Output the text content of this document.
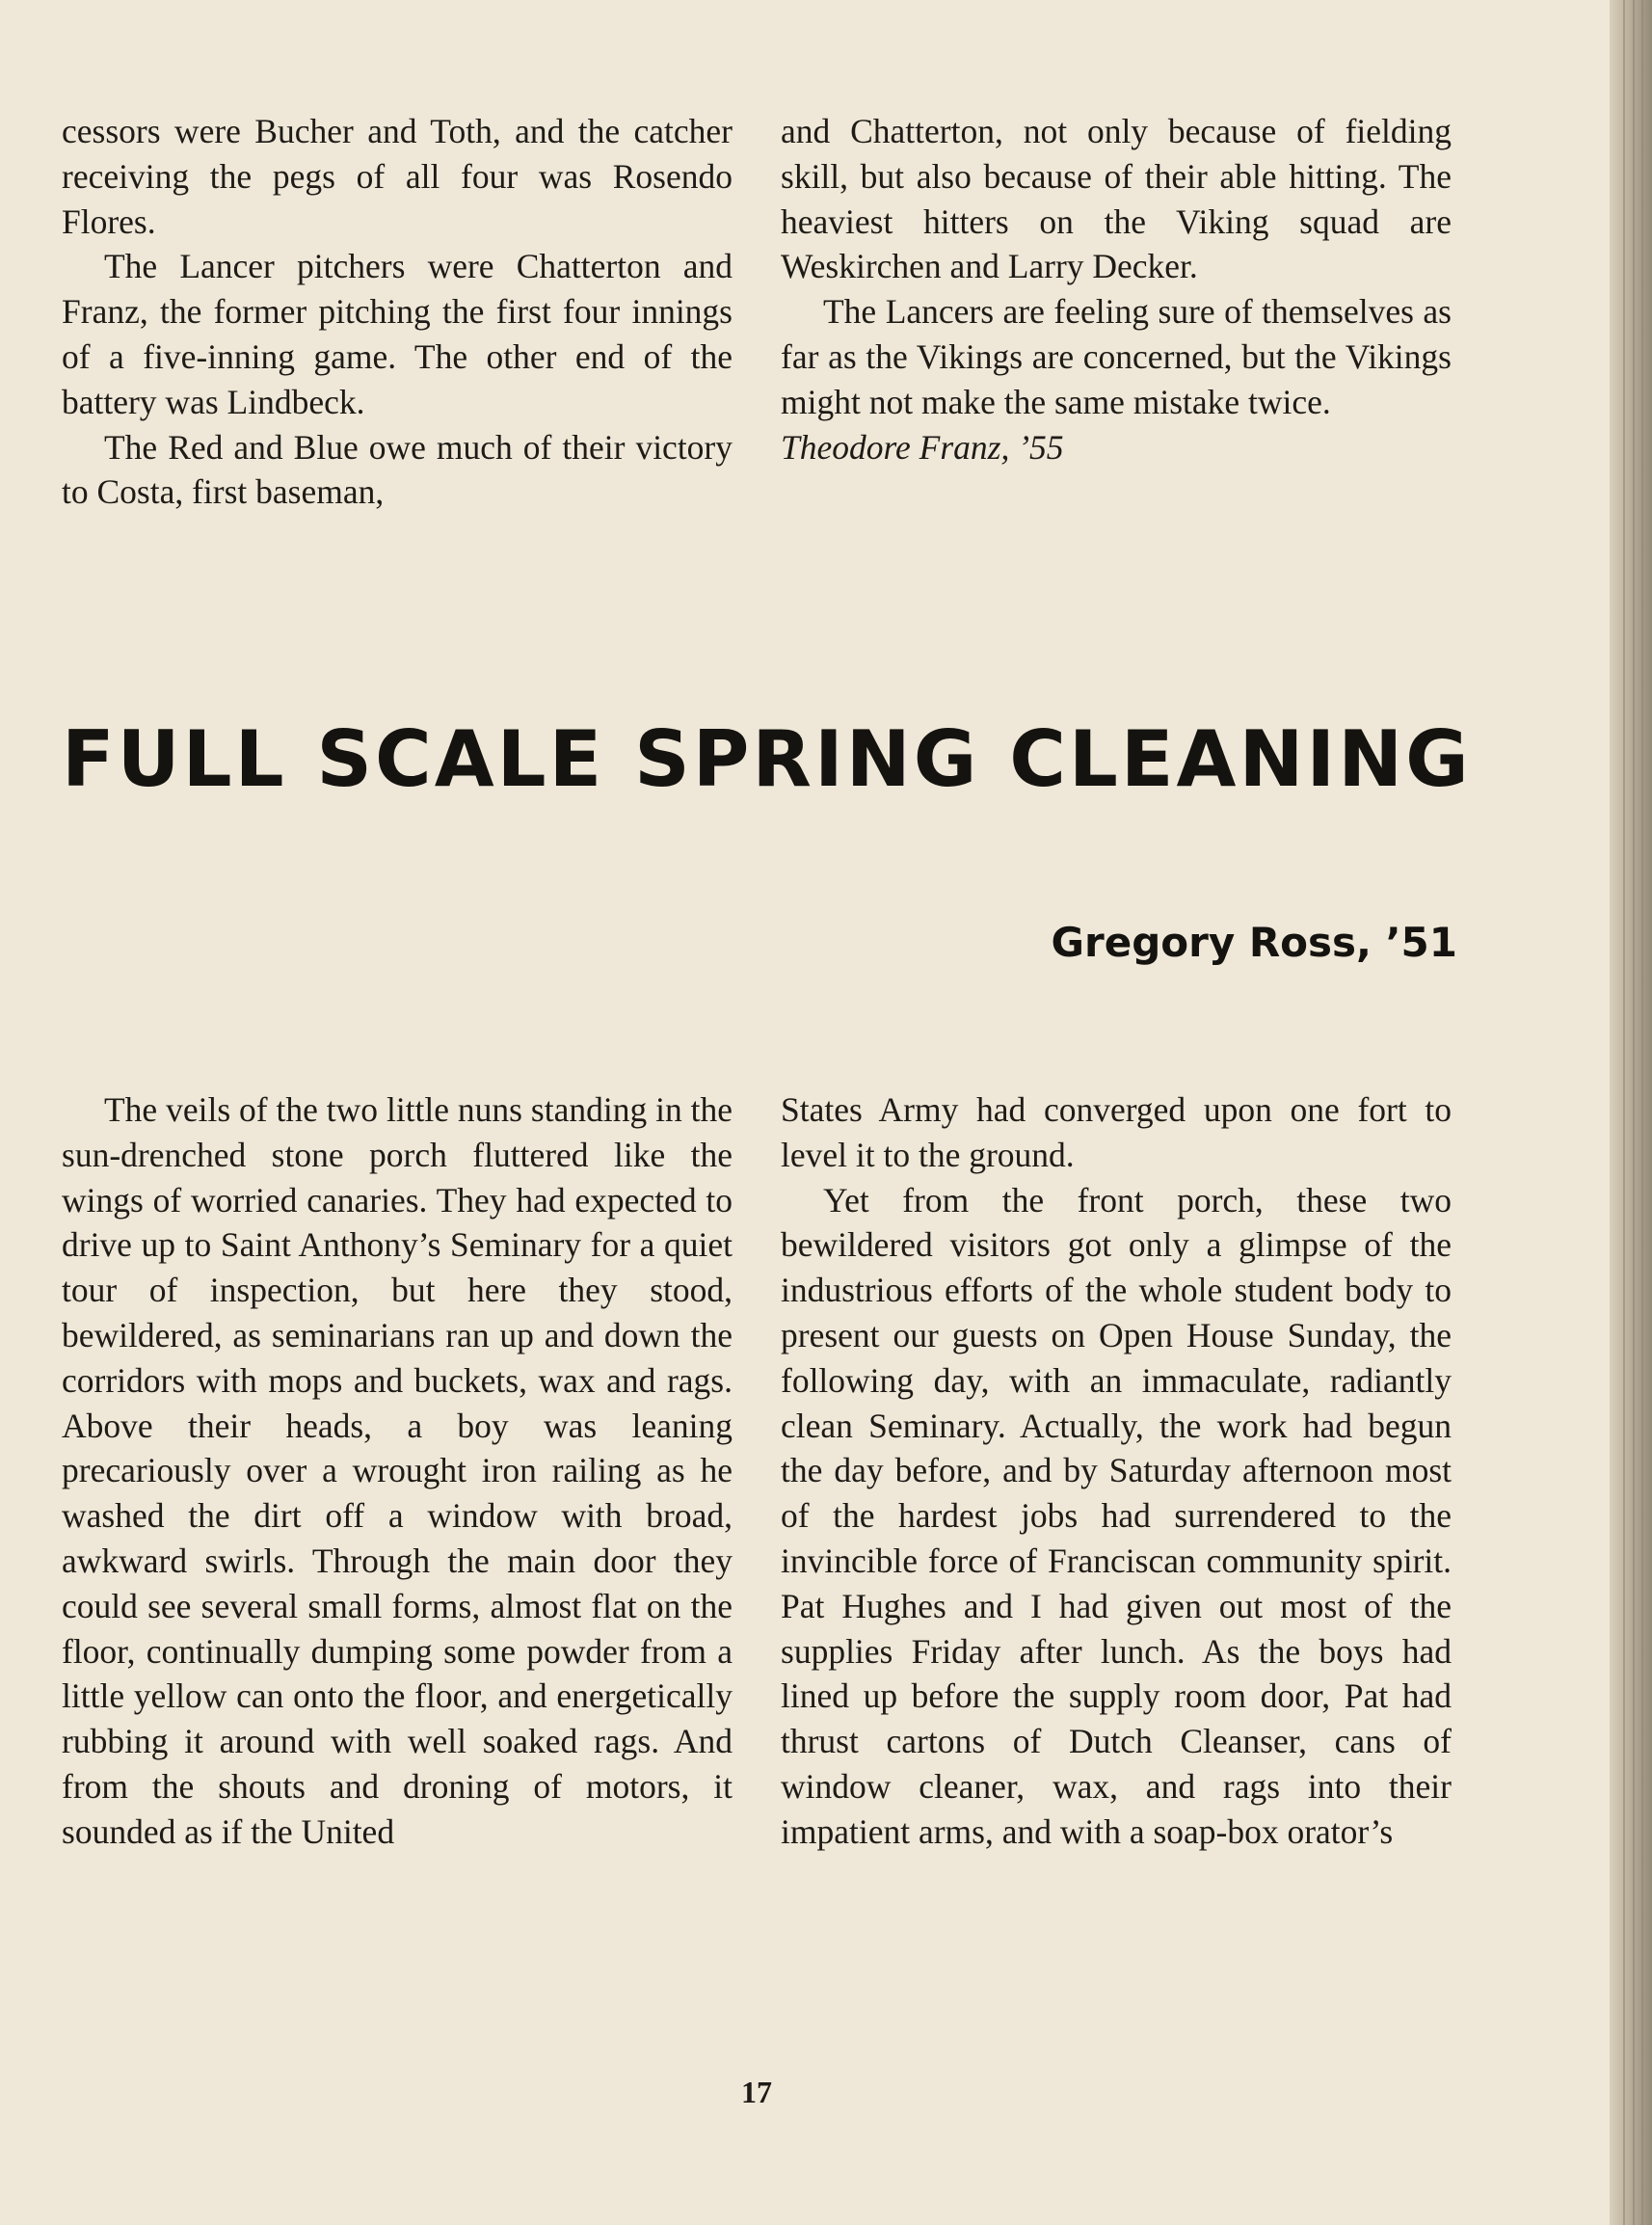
cessors were Bucher and Toth, and the catcher receiving the pegs of all four was Rosendo Flores.

The Lancer pitchers were Chatterton and Franz, the former pitching the first four innings of a five-inning game. The other end of the battery was Lindbeck.

The Red and Blue owe much of their victory to Costa, first baseman,

and Chatterton, not only because of fielding skill, but also because of their able hitting. The heaviest hitters on the Viking squad are Weskirchen and Larry Decker.

The Lancers are feeling sure of themselves as far as the Vikings are concerned, but the Vikings might not make the same mistake twice.

Theodore Franz, ’55

FULL SCALE SPRING CLEANING

Gregory Ross, ’51

The veils of the two little nuns standing in the sun-drenched stone porch fluttered like the wings of worried canaries. They had expected to drive up to Saint Anthony’s Seminary for a quiet tour of inspection, but here they stood, bewildered, as seminarians ran up and down the corridors with mops and buckets, wax and rags. Above their heads, a boy was leaning precariously over a wrought iron railing as he washed the dirt off a window with broad, awkward swirls. Through the main door they could see several small forms, almost flat on the floor, continually dumping some powder from a little yellow can onto the floor, and energetically rubbing it around with well soaked rags. And from the shouts and droning of motors, it sounded as if the United

States Army had converged upon one fort to level it to the ground.

Yet from the front porch, these two bewildered visitors got only a glimpse of the industrious efforts of the whole student body to present our guests on Open House Sunday, the following day, with an immaculate, radiantly clean Seminary. Actually, the work had begun the day before, and by Saturday afternoon most of the hardest jobs had surrendered to the invincible force of Franciscan community spirit. Pat Hughes and I had given out most of the supplies Friday after lunch. As the boys had lined up before the supply room door, Pat had thrust cartons of Dutch Cleanser, cans of window cleaner, wax, and rags into their impatient arms, and with a soap-box orator’s

17
